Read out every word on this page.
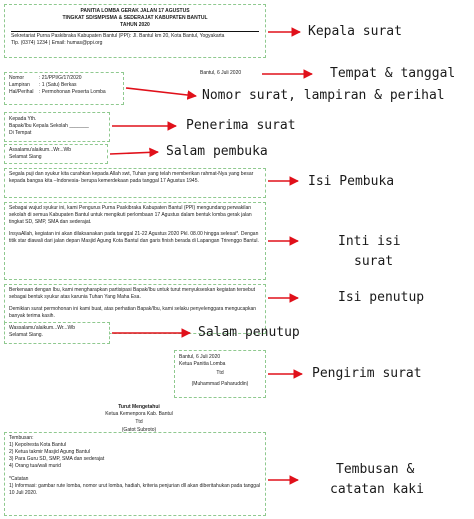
PANITIA LOMBA GERAK JALAN 17 AGUSTUS
TINGKAT SD/SMP/SMA & SEDERAJAT KABUPATEN BANTUL
TAHUN 2020
Sekretariat Purna Paskibraka Kabupaten Bantul (PPI): Jl. Bantul km 20, Kota Bantul, Yogyakarta
Tlp. (0374) 1234 | Email: humas@ppi.org
Bantul, 6 Juli 2020
Nomor	: 21/PPI/G/17/2020
Lampiran	: 1 (Satu) Berkas
Hal/Perihal	: Permohonan Peserta Lomba
Kepada Yth.
Bapak/Ibu Kepala Sekolah _______
Di Tempat
Assalamu'alaikum...Wr...Wb
Selamat Siang
Segala puji dan syukur kita curahkan kepada Allah swt, Tuhan yang telah memberikan rahmat-Nya yang besar kepada bangsa kita –Indonesia- berupa kemerdekaan pada tanggal 17 Agustus 1945.
Sebagai wujud syukur ini, kami Pengurus Purna Paskibraka Kabupaten Bantul (PPI) mengundang perwakilan sekolah di semua Kabupaten Bantul untuk mengikuti perlombaan 17 Agustus dalam bentuk lomba gerak jalan tingkat SD, SMP, SMA dan sederajat.
InsyaAllah, kegiatan ini akan dilaksanakan pada tanggal 21-22 Agustus 2020 Pkl. 08.00 hingga selesai*. Dengan titik star diawali dari jalan depan Masjid Agung Kota Bantul dan garis finish berada di Lapangan Trirenggo Bantul.
Berkenaan dengan Ibu, kami mengharapkan partisipasi Bapak/Ibu untuk turut menyukseskan kegiatan tersebut sebagai bentuk syukur atas karunia Tuhan Yang Maha Esa.
Demikian surat permohonan ini kami buat, atas perhatian Bapak/Ibu, kami selaku penyelenggara mengucapkan banyak terima kasih.
Wassalamu'alaikum...Wr...Wb
Selamat Siang.
Bantul, 6 Juli 2020
Ketua Panitia Lomba
Ttd
(Muhammad Paharuddin)
Turut Mengetahui
Ketua Kemenpora Kab. Bantul
Ttd
(Gatot Subroto)
Tembusan:
1) Kepolresta Kota Bantul
2) Ketua takmir Masjid Agung Bantul
3) Para Guru SD, SMP, SMA dan sederajat
4) Orang tua/wali murid
*Catatan
1) Informasi: gambar rute lomba, nomor urut lomba, hadiah, kriteria penjurian dll akan diberitahukan pada tanggal 10 Juli 2020.
Kepala surat
Tempat & tanggal
Nomor surat, lampiran & perihal
Penerima surat
Salam pembuka
Isi Pembuka
Inti isi
surat
Isi penutup
Salam penutup
Pengirim surat
Tembusan &
catatan kaki
